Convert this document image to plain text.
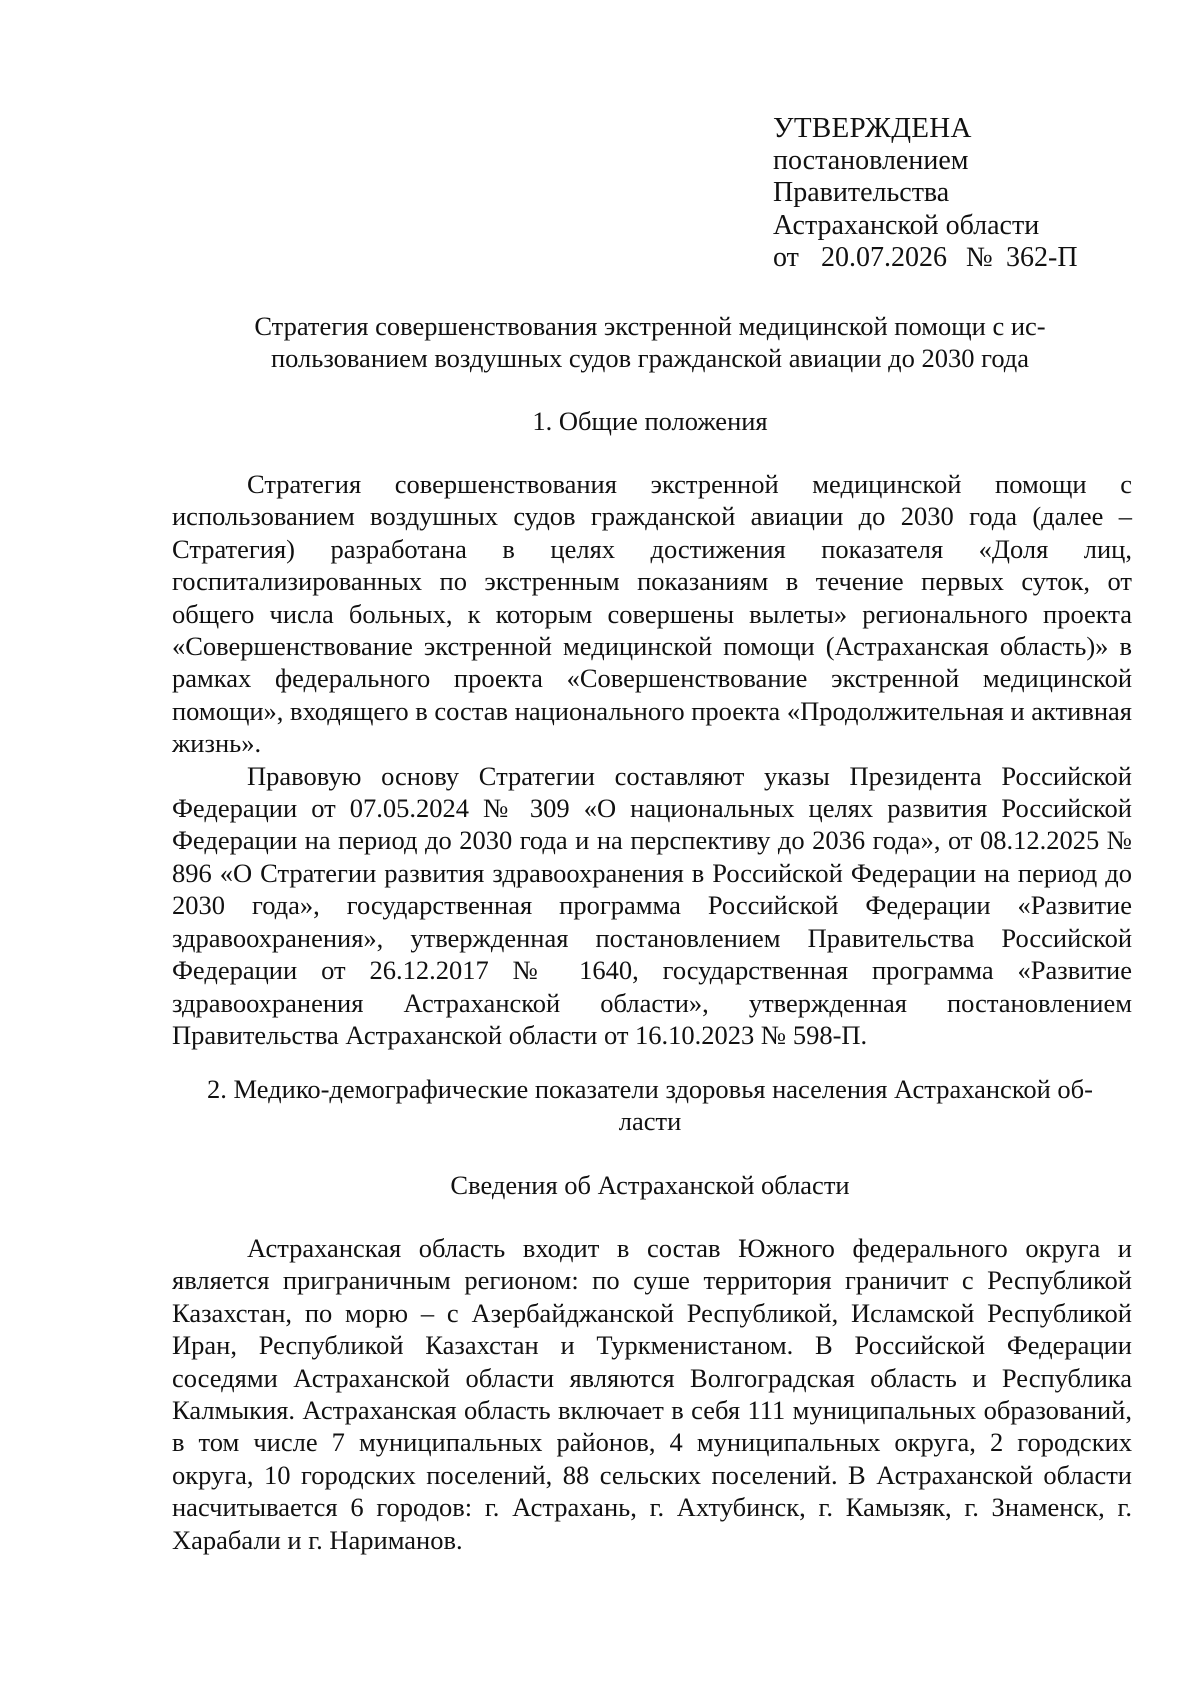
УТВЕРЖДЕНА
постановлением
Правительства
Астраханской области
от 20.07.2026 № 362-П
Стратегия совершенствования экстренной медицинской помощи с ис-
пользованием воздушных судов гражданской авиации до 2030 года
1. Общие положения

Стратегия совершенствования экстренной медицинской помощи с использованием воздушных судов гражданской авиации до 2030 года (далее – Стратегия) разработана в целях достижения показателя «Доля лиц, госпитализированных по экстренным показаниям в течение первых суток, от общего числа больных, к которым совершены вылеты» регионального проекта «Совершенствование экстренной медицинской помощи (Астраханская область)» в рамках федерального проекта «Совершенствование экстренной медицинской помощи», входящего в состав национального проекта «Продолжительная и активная жизнь».

Правовую основу Стратегии составляют указы Президента Российской Федерации от 07.05.2024 № 309 «О национальных целях развития Российской Федерации на период до 2030 года и на перспективу до 2036 года», от 08.12.2025 № 896 «О Стратегии развития здравоохранения в Российской Федерации на период до 2030 года», государственная программа Российской Федерации «Развитие здравоохранения», утвержденная постановлением Правительства Российской Федерации от 26.12.2017 № 1640, государственная программа «Развитие здравоохранения Астраханской области», утвержденная постановлением Правительства Астраханской области от 16.10.2023 № 598-П.

2. Медико-демографические показатели здоровья населения Астраханской об-
ласти
Сведения об Астраханской области

Астраханская область входит в состав Южного федерального округа и является приграничным регионом: по суше территория граничит с Республикой Казахстан, по морю – с Азербайджанской Республикой, Исламской Республикой Иран, Республикой Казахстан и Туркменистаном. В Российской Федерации соседями Астраханской области являются Волгоградская область и Республика Калмыкия. Астраханская область включает в себя 111 муниципальных образований, в том числе 7 муниципальных районов, 4 муниципальных округа, 2 городских округа, 10 городских поселений, 88 сельских поселений. В Астраханской области насчитывается 6 городов: г. Астрахань, г. Ахтубинск, г. Камызяк, г. Знаменск, г. Харабали и г. Нариманов.
